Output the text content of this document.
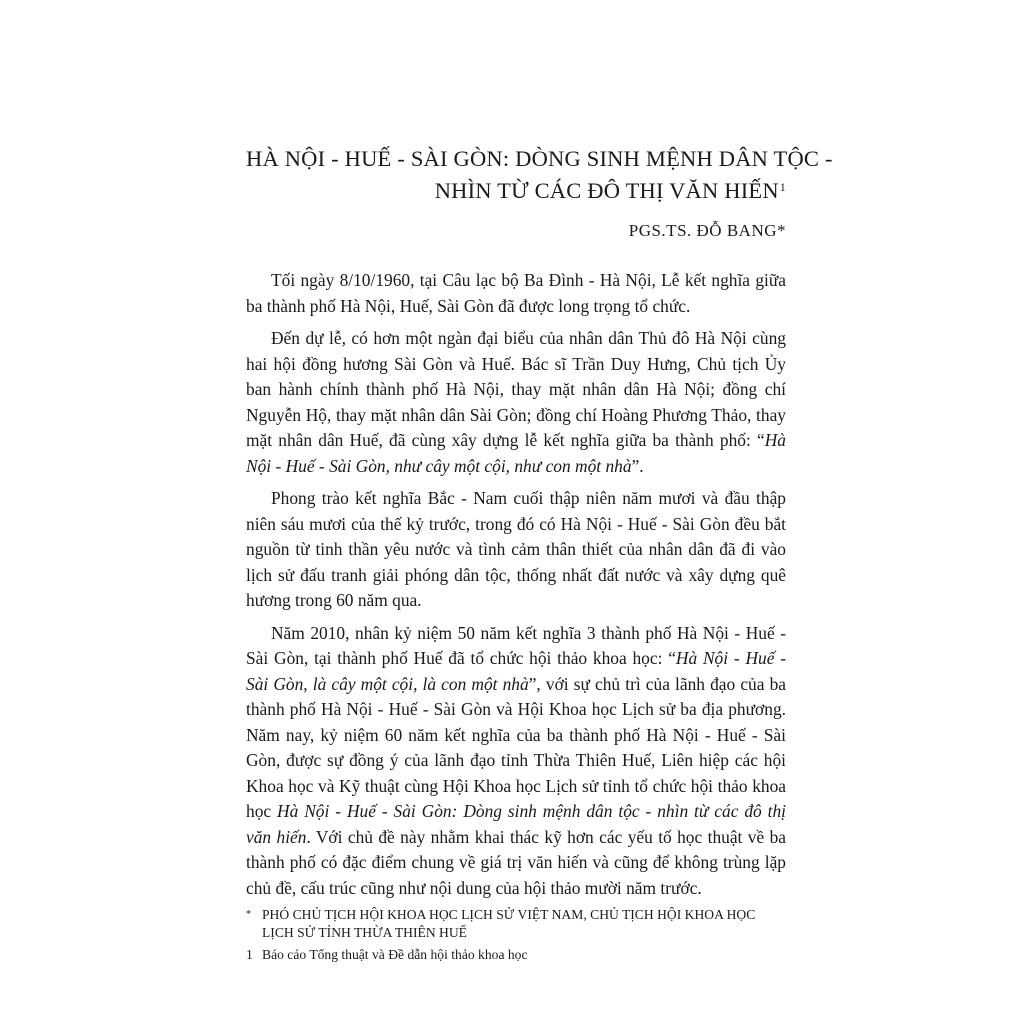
HÀ NỘI - HUẾ - SÀI GÒN: DÒNG SINH MỆNH DÂN TỘC -
NHÌN TỪ CÁC ĐÔ THỊ VĂN HIẾN$^1$
PGS.TS. ĐỖ BANG*

Tối ngày 8/10/1960, tại Câu lạc bộ Ba Đình - Hà Nội, Lễ kết nghĩa giữa ba thành phố Hà Nội, Huế, Sài Gòn đã được long trọng tổ chức.

Đến dự lễ, có hơn một ngàn đại biểu của nhân dân Thủ đô Hà Nội cùng hai hội đồng hương Sài Gòn và Huế. Bác sĩ Trần Duy Hưng, Chủ tịch Ủy ban hành chính thành phố Hà Nội, thay mặt nhân dân Hà Nội; đồng chí Nguyễn Hộ, thay mặt nhân dân Sài Gòn; đồng chí Hoàng Phương Thảo, thay mặt nhân dân Huế, đã cùng xây dựng lễ kết nghĩa giữa ba thành phố: “Hà Nội - Huế - Sài Gòn, như cây một cội, như con một nhà”.

Phong trào kết nghĩa Bắc - Nam cuối thập niên năm mươi và đầu thập niên sáu mươi của thế kỷ trước, trong đó có Hà Nội - Huế - Sài Gòn đều bắt nguồn từ tinh thần yêu nước và tình cảm thân thiết của nhân dân đã đi vào lịch sử đấu tranh giải phóng dân tộc, thống nhất đất nước và xây dựng quê hương trong 60 năm qua.

Năm 2010, nhân kỷ niệm 50 năm kết nghĩa 3 thành phố Hà Nội - Huế - Sài Gòn, tại thành phố Huế đã tổ chức hội thảo khoa học: “Hà Nội - Huế - Sài Gòn, là cây một cội, là con một nhà”, với sự chủ trì của lãnh đạo của ba thành phố Hà Nội - Huế - Sài Gòn và Hội Khoa học Lịch sử ba địa phương. Năm nay, kỷ niệm 60 năm kết nghĩa của ba thành phố Hà Nội - Huế - Sài Gòn, được sự đồng ý của lãnh đạo tỉnh Thừa Thiên Huế, Liên hiệp các hội Khoa học và Kỹ thuật cùng Hội Khoa học Lịch sử tỉnh tổ chức hội thảo khoa học Hà Nội - Huế - Sài Gòn: Dòng sinh mệnh dân tộc - nhìn từ các đô thị văn hiến. Với chủ đề này nhằm khai thác kỹ hơn các yếu tố học thuật về ba thành phố có đặc điểm chung về giá trị văn hiến và cũng để không trùng lặp chủ đề, cấu trúc cũng như nội dung của hội thảo mười năm trước.

* PHÓ CHỦ TỊCH HỘI KHOA HỌC LỊCH SỬ VIỆT NAM, CHỦ TỊCH HỘI KHOA HỌC LỊCH SỬ TỈNH THỪA THIÊN HUẾ
1 Báo cáo Tổng thuật và Đề dẫn hội thảo khoa học
